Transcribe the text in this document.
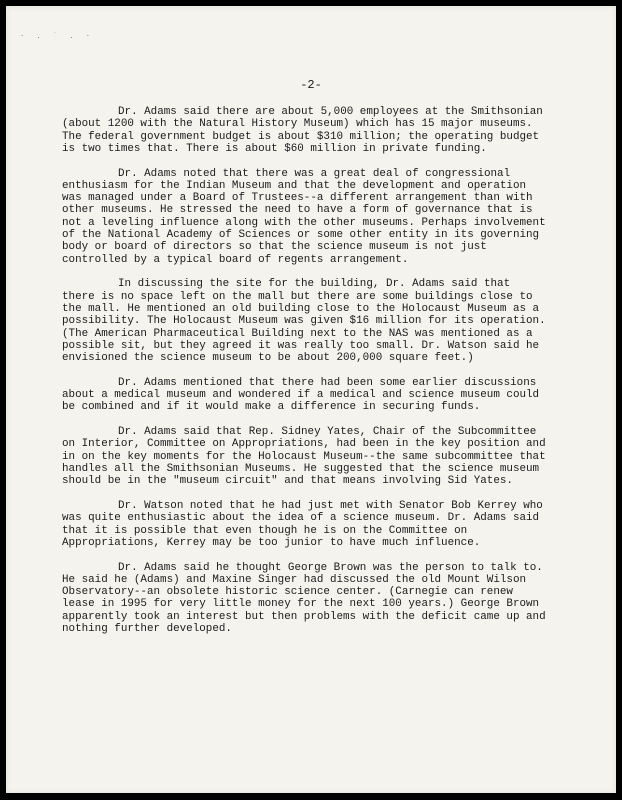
· . ˙ . ·
-2-

Dr. Adams said there are about 5,000 employees at the Smithsonian (about 1200 with the Natural History Museum) which has 15 major museums. The federal government budget is about $310 million; the operating budget is two times that. There is about $60 million in private funding.

Dr. Adams noted that there was a great deal of congressional enthusiasm for the Indian Museum and that the development and operation was managed under a Board of Trustees--a different arrangement than with other museums. He stressed the need to have a form of governance that is not a leveling influence along with the other museums. Perhaps involvement of the National Academy of Sciences or some other entity in its governing body or board of directors so that the science museum is not just controlled by a typical board of regents arrangement.

In discussing the site for the building, Dr. Adams said that there is no space left on the mall but there are some buildings close to the mall. He mentioned an old building close to the Holocaust Museum as a possibility. The Holocaust Museum was given $16 million for its operation. (The American Pharmaceutical Building next to the NAS was mentioned as a possible sit, but they agreed it was really too small. Dr. Watson said he envisioned the science museum to be about 200,000 square feet.)

Dr. Adams mentioned that there had been some earlier discussions about a medical museum and wondered if a medical and science museum could be combined and if it would make a difference in securing funds.

Dr. Adams said that Rep. Sidney Yates, Chair of the Subcommittee on Interior, Committee on Appropriations, had been in the key position and in on the key moments for the Holocaust Museum--the same subcommittee that handles all the Smithsonian Museums. He suggested that the science museum should be in the "museum circuit" and that means involving Sid Yates.

Dr. Watson noted that he had just met with Senator Bob Kerrey who was quite enthusiastic about the idea of a science museum. Dr. Adams said that it is possible that even though he is on the Committee on Appropriations, Kerrey may be too junior to have much influence.

Dr. Adams said he thought George Brown was the person to talk to. He said he (Adams) and Maxine Singer had discussed the old Mount Wilson Observatory--an obsolete historic science center. (Carnegie can renew lease in 1995 for very little money for the next 100 years.) George Brown apparently took an interest but then problems with the deficit came up and nothing further developed.
